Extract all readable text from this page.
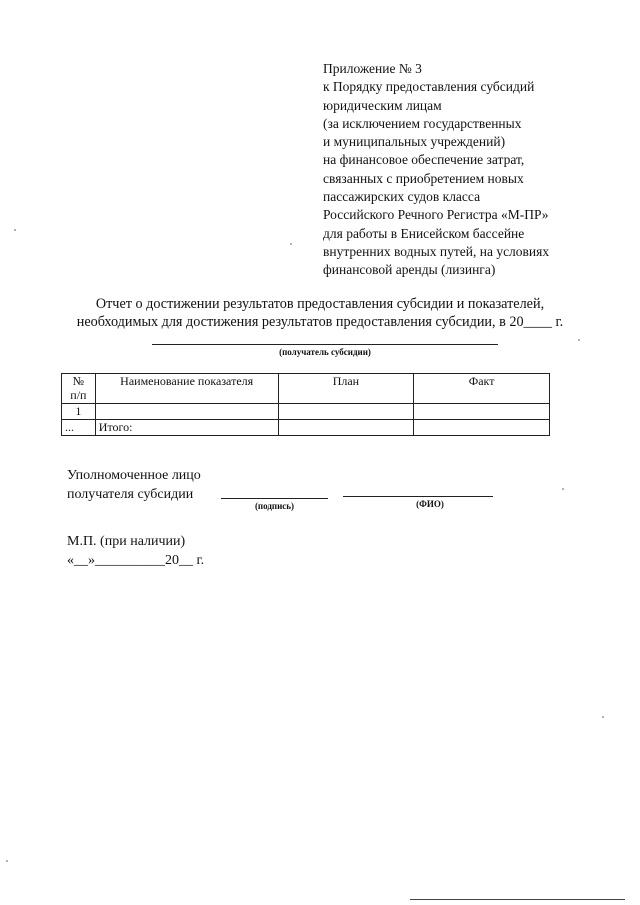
Приложение № 3
к Порядку предоставления субсидий
юридическим лицам
(за исключением государственных
и муниципальных учреждений)
на финансовое обеспечение затрат,
связанных с приобретением новых
пассажирских судов класса
Российского Речного Регистра «М-ПР»
для работы в Енисейском бассейне
внутренних водных путей, на условиях
финансовой аренды (лизинга)
Отчет о достижении результатов предоставления субсидии и показателей,
необходимых для достижения результатов предоставления субсидии, в 20____ г.
(получатель субсидии)
№
п/п	Наименование показателя	План	Факт
1			
...	Итого:		
Уполномоченное лицо
получателя субсидии
(подпись)	(ФИО)
М.П. (при наличии)
«__»__________20__ г.
